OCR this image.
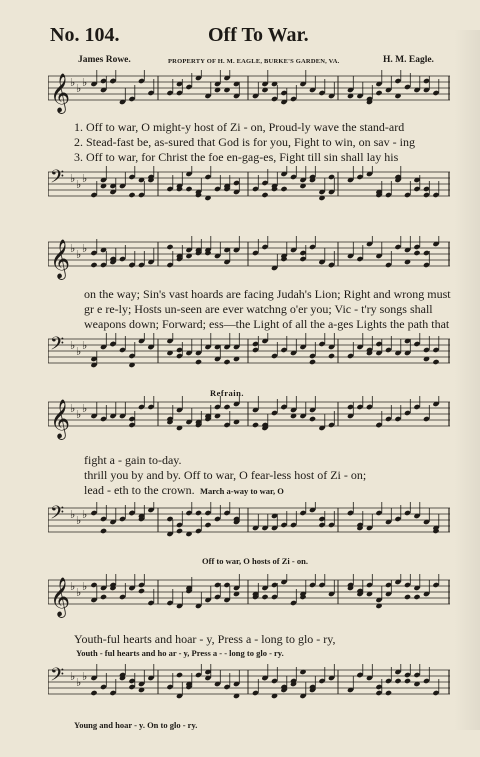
No. 104.	Off To War.
James Rowe.	PROPERTY OF H. M. EAGLE, BURKE'S GARDEN, VA.	H. M. Eagle.
𝄞 ♭ ♭ ♭
1. Off to war, O might-y host of Zi - on, Proud-ly wave the stand-ard
2. Stead-fast be, as-sured that God is for you, Fight to win, on sav - ing
3. Off to war, for Christ the foe en-gag-es, Fight till sin shall lay his
𝄢 ♭ ♭ ♭
𝄞 ♭ ♭ ♭
on the way; Sin's vast hoards are facing Judah's Lion; Right and wrong must
gr e re-ly; Hosts un-seen are ever watchng o'er you; Vic - t'ry songs shall
weapons down; Forward; ess—the Light of all the a-ges Lights the path that
𝄢 ♭ ♭ ♭
Refrain.
𝄞 ♭ ♭ ♭
fight a - gain to-day.
thrill you by and by. Off to war, O fear-less host of Zi - on;
lead - eth to the crown. March a-way to war, O
𝄢 ♭ ♭ ♭
Off to war, O hosts of Zi - on.
𝄞 ♭ ♭ ♭
Youth-ful hearts and hoar - y, Press a - long to glo - ry,
Youth - ful hearts and ho ar - y, Press a - - long to glo - ry.
𝄢 ♭ ♭ ♭
Young and hoar - y. On to glo - ry.
